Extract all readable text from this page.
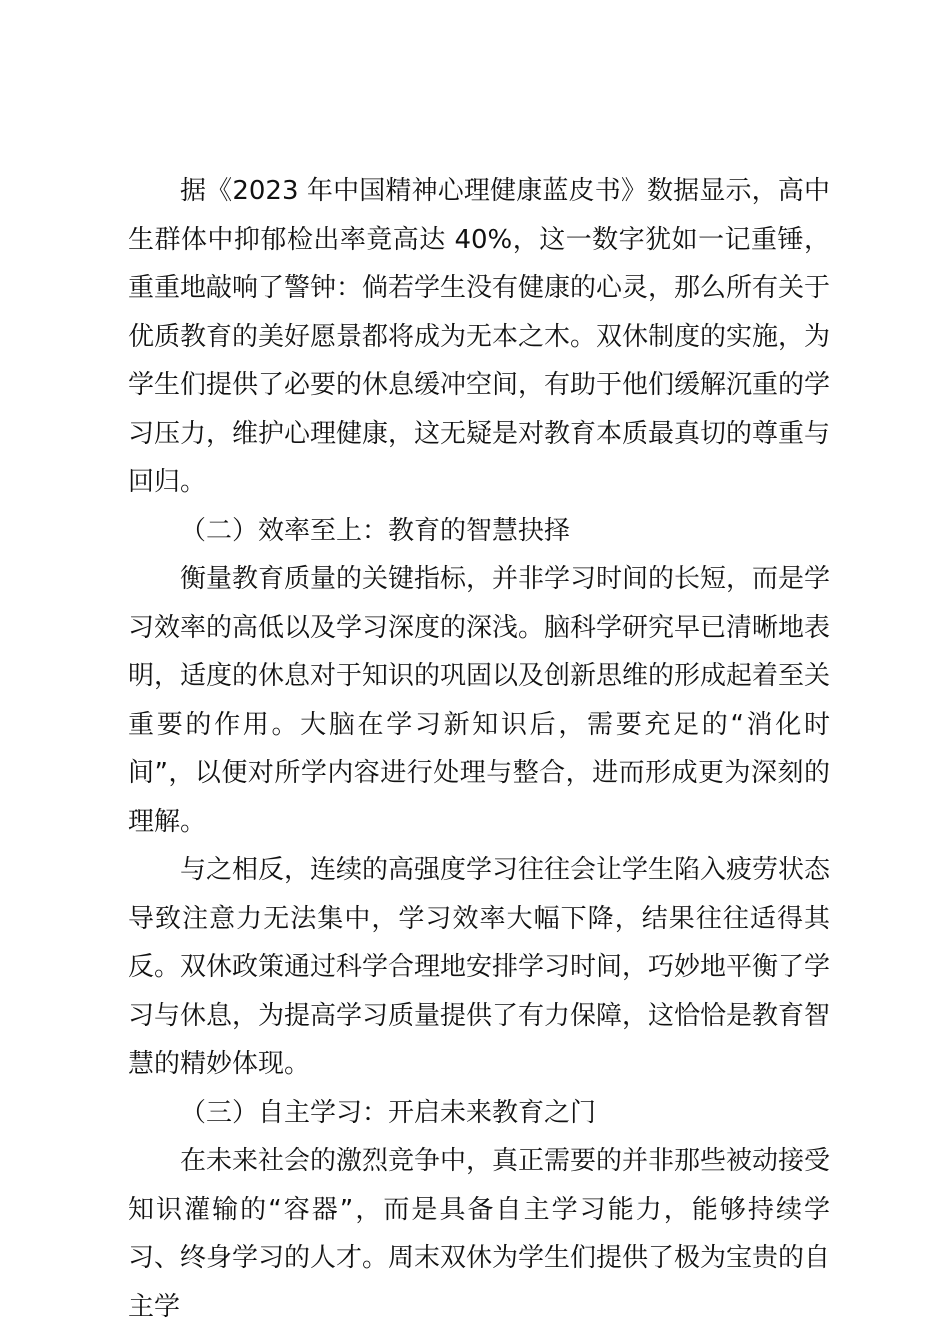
据《2023 年中国精神心理健康蓝皮书》数据显示，高中生群体中抑郁检出率竟高达 40%，这一数字犹如一记重锤，重重地敲响了警钟：倘若学生没有健康的心灵，那么所有关于优质教育的美好愿景都将成为无本之木。双休制度的实施，为学生们提供了必要的休息缓冲空间，有助于他们缓解沉重的学习压力，维护心理健康，这无疑是对教育本质最真切的尊重与回归。

（二）效率至上：教育的智慧抉择

衡量教育质量的关键指标，并非学习时间的长短，而是学习效率的高低以及学习深度的深浅。脑科学研究早已清晰地表明，适度的休息对于知识的巩固以及创新思维的形成起着至关重要的作用。大脑在学习新知识后，需要充足的“消化时间”，以便对所学内容进行处理与整合，进而形成更为深刻的理解。

与之相反，连续的高强度学习往往会让学生陷入疲劳状态导致注意力无法集中，学习效率大幅下降，结果往往适得其反。双休政策通过科学合理地安排学习时间，巧妙地平衡了学习与休息，为提高学习质量提供了有力保障，这恰恰是教育智慧的精妙体现。

（三）自主学习：开启未来教育之门

在未来社会的激烈竞争中，真正需要的并非那些被动接受知识灌输的“容器”，而是具备自主学习能力，能够持续学习、终身学习的人才。周末双休为学生们提供了极为宝贵的自主学
